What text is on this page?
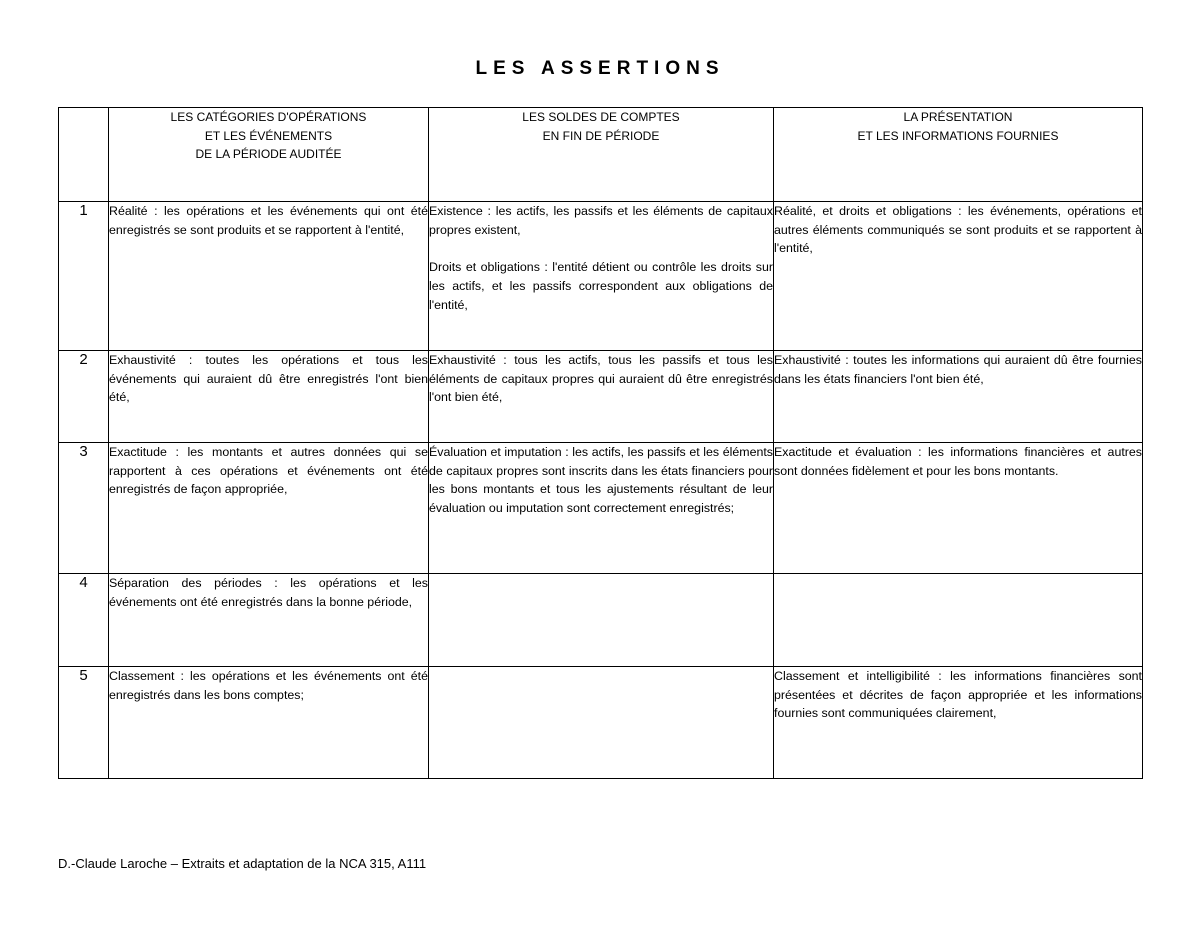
LES ASSERTIONS

	LES CATÉGORIES D'OPÉRATIONS
ET LES ÉVÉNEMENTS
DE LA PÉRIODE AUDITÉE	LES SOLDES DE COMPTES
EN FIN DE PÉRIODE	LA PRÉSENTATION
ET LES INFORMATIONS FOURNIES

1	Réalité : les opérations et les événements qui ont été enregistrés se sont produits et se rapportent à l'entité,	Existence : les actifs, les passifs et les éléments de capitaux propres existent,

Droits et obligations : l'entité détient ou contrôle les droits sur les actifs, et les passifs correspondent aux obligations de l'entité,	Réalité, et droits et obligations : les événements, opérations et autres éléments communiqués se sont produits et se rapportent à l'entité,

2	Exhaustivité : toutes les opérations et tous les événements qui auraient dû être enregistrés l'ont bien été,	Exhaustivité : tous les actifs, tous les passifs et tous les éléments de capitaux propres qui auraient dû être enregistrés l'ont bien été,	Exhaustivité : toutes les informations qui auraient dû être fournies dans les états financiers l'ont bien été,

3	Exactitude : les montants et autres données qui se rapportent à ces opérations et événements ont été enregistrés de façon appropriée,	Évaluation et imputation : les actifs, les passifs et les éléments de capitaux propres sont inscrits dans les états financiers pour les bons montants et tous les ajustements résultant de leur évaluation ou imputation sont correctement enregistrés;	Exactitude et évaluation : les informations financières et autres sont données fidèlement et pour les bons montants.

4	Séparation des périodes : les opérations et les événements ont été enregistrés dans la bonne période,		

5	Classement : les opérations et les événements ont été enregistrés dans les bons comptes;		Classement et intelligibilité : les informations financières sont présentées et décrites de façon appropriée et les informations fournies sont communiquées clairement,

D.-Claude Laroche – Extraits et adaptation de la NCA 315, A111
